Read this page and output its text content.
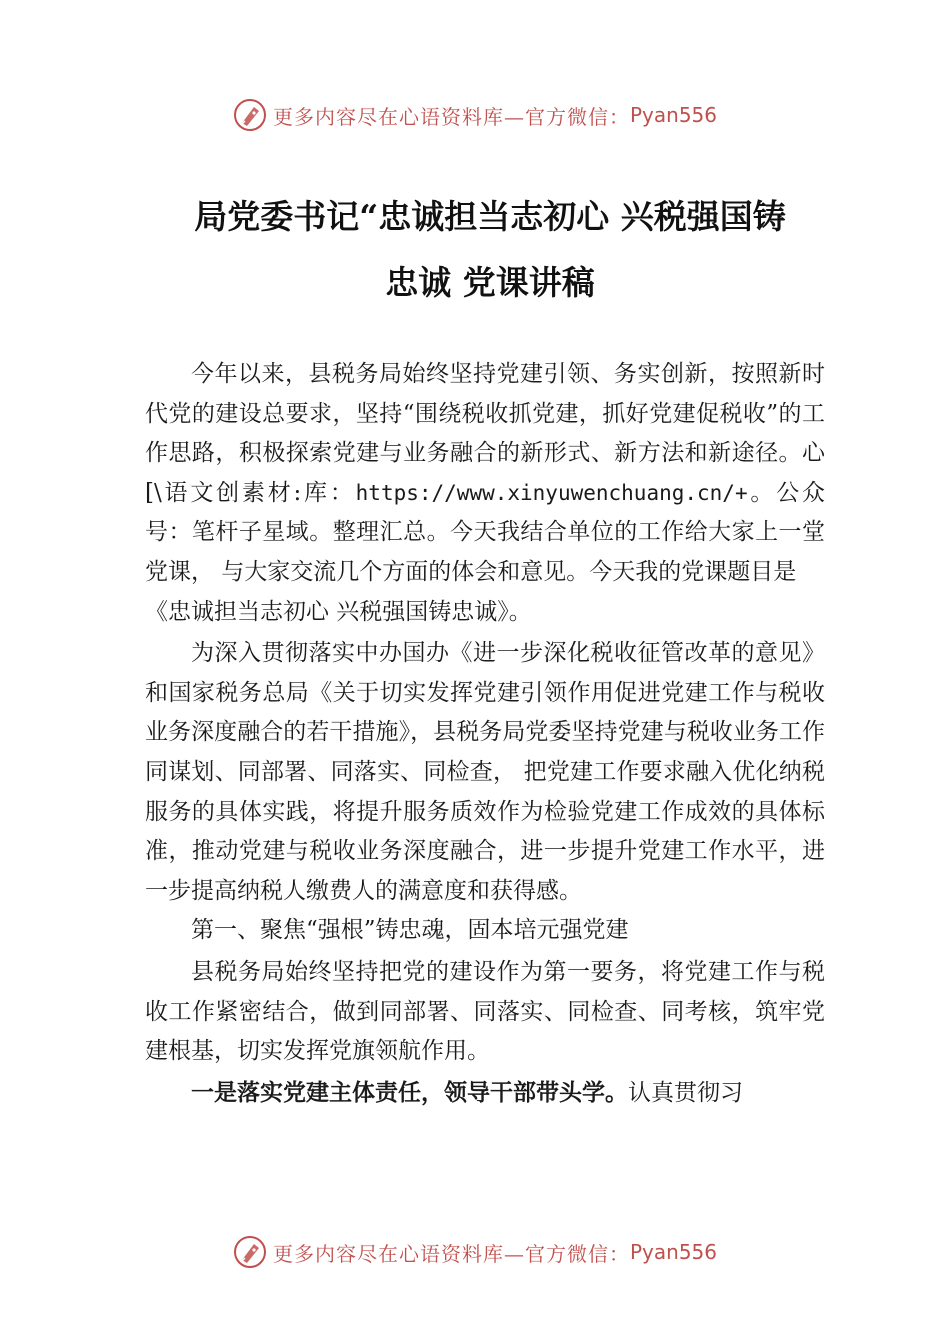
更多内容尽在心语资料库—官方微信： Pyan556
局党委书记“忠诚担当志初心 兴税强国铸
忠诚 党课讲稿

今年以来，县税务局始终坚持党建引领、务实创新，按照新时代党的建设总要求，坚持“围绕税收抓党建，抓好党建促税收”的工作思路，积极探索党建与业务融合的新形式、新方法和新途径。心[\语文创素材:库：https://www.xinyuwenchuang.cn/+。公众号：笔杆子星域。整理汇总。今天我结合单位的工作给大家上一堂党课， 与大家交流几个方面的体会和意见。今天我的党课题目是

《忠诚担当志初心 兴税强国铸忠诚》。

为深入贯彻落实中办国办《进一步深化税收征管改革的意见》和国家税务总局《关于切实发挥党建引领作用促进党建工作与税收业务深度融合的若干措施》，县税务局党委坚持党建与税收业务工作同谋划、同部署、同落实、同检查， 把党建工作要求融入优化纳税服务的具体实践，将提升服务质效作为检验党建工作成效的具体标准，推动党建与税收业务深度融合，进一步提升党建工作水平，进一步提高纳税人缴费人的满意度和获得感。

第一、聚焦“强根”铸忠魂，固本培元强党建

县税务局始终坚持把党的建设作为第一要务，将党建工作与税收工作紧密结合，做到同部署、同落实、同检查、同考核，筑牢党建根基，切实发挥党旗领航作用。

一是落实党建主体责任，领导干部带头学。认真贯彻习

更多内容尽在心语资料库—官方微信： Pyan556
